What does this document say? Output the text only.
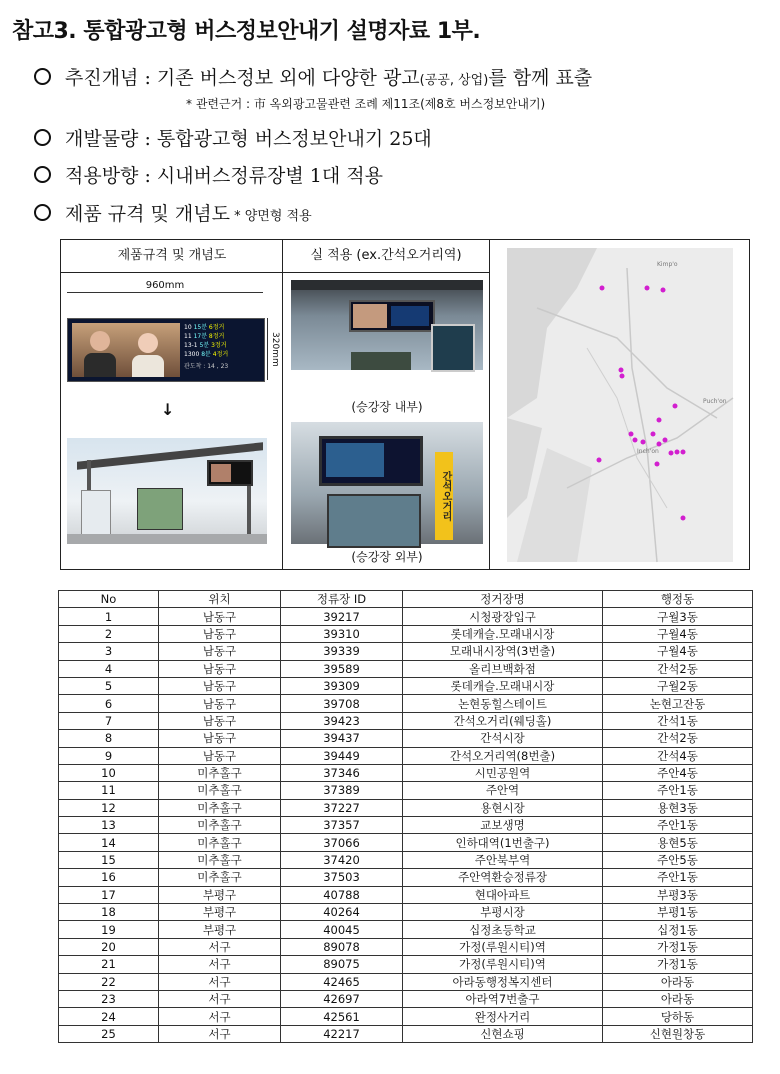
참고3. 통합광고형 버스정보안내기 설명자료 1부.
추진개념 : 기존 버스정보 외에 다양한 광고(공공, 상업)를 함께 표출
* 관련근거 : 市 옥외광고물관련 조례 제11조(제8호 버스정보안내기)
개발물량 : 통합광고형 버스정보안내기 25대
적용방향 : 시내버스정류장별 1대 적용
제품 규격 및 개념도 * 양면형 적용
제품규격 및 개념도	실 적용 (ex.간석오거리역)
960mm
10 15분 6정거
11 17분 8정거
13-1 5분 3정거
1300 8분 4정거
관도착 : 14 , 23	320mm
↓	(승강장 내부)
간석오거리
(승강장 외부)
Kimp'o
Puch'on
Inch'on
No	위치	정류장 ID	정거장명	행정동
1	남동구	39217	시청광장입구	구월3동
2	남동구	39310	롯데캐슬.모래내시장	구월4동
3	남동구	39339	모래내시장역(3번출)	구월4동
4	남동구	39589	올리브백화점	간석2동
5	남동구	39309	롯데캐슬.모래내시장	구월2동
6	남동구	39708	논현동힐스테이트	논현고잔동
7	남동구	39423	간석오거리(웨딩홀)	간석1동
8	남동구	39437	간석시장	간석2동
9	남동구	39449	간석오거리역(8번출)	간석4동
10	미추홀구	37346	시민공원역	주안4동
11	미추홀구	37389	주안역	주안1동
12	미추홀구	37227	용현시장	용현3동
13	미추홀구	37357	교보생명	주안1동
14	미추홀구	37066	인하대역(1번출구)	용현5동
15	미추홀구	37420	주안북부역	주안5동
16	미추홀구	37503	주안역환승정류장	주안1동
17	부평구	40788	현대아파트	부평3동
18	부평구	40264	부평시장	부평1동
19	부평구	40045	십정초등학교	십정1동
20	서구	89078	가정(루원시티)역	가정1동
21	서구	89075	가정(루원시티)역	가정1동
22	서구	42465	아라동행정복지센터	아라동
23	서구	42697	아라역7번출구	아라동
24	서구	42561	완정사거리	당하동
25	서구	42217	신현쇼핑	신현원창동
